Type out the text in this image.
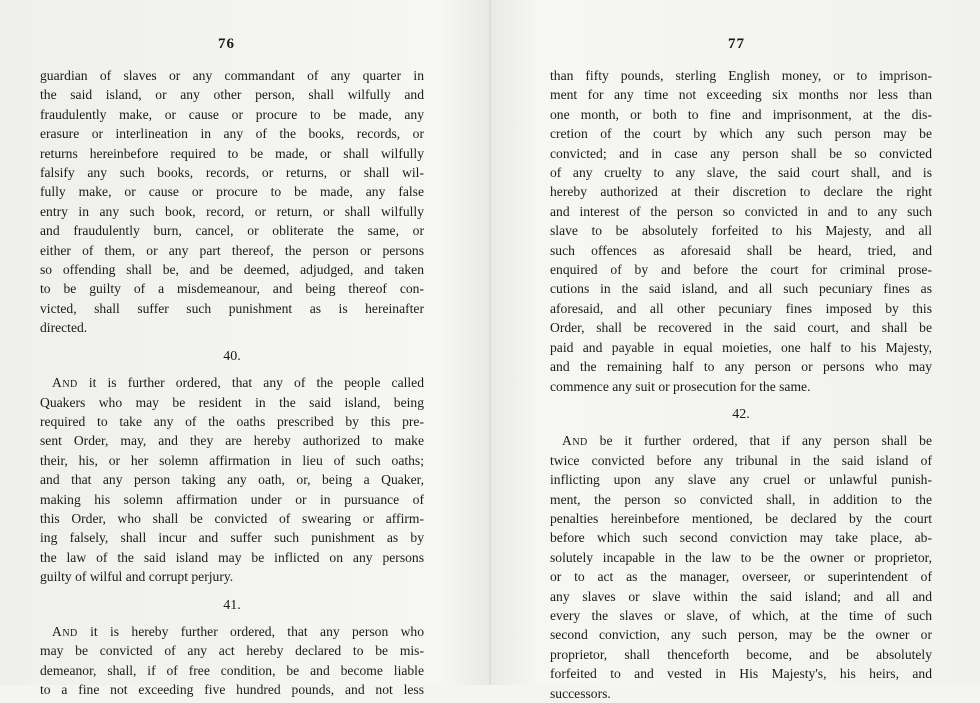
76
guardian of slaves or any commandant of any quarter in
the said island, or any other person, shall wilfully and
fraudulently make, or cause or procure to be made, any
erasure or interlineation in any of the books, records, or
returns hereinbefore required to be made, or shall wilfully
falsify any such books, records, or returns, or shall wil-
fully make, or cause or procure to be made, any false
entry in any such book, record, or return, or shall wilfully
and fraudulently burn, cancel, or obliterate the same, or
either of them, or any part thereof, the person or persons
so offending shall be, and be deemed, adjudged, and taken
to be guilty of a misdemeanour, and being thereof con-
victed, shall suffer such punishment as is hereinafter
directed.
40.
And it is further ordered, that any of the people called
Quakers who may be resident in the said island, being
required to take any of the oaths prescribed by this pre-
sent Order, may, and they are hereby authorized to make
their, his, or her solemn affirmation in lieu of such oaths;
and that any person taking any oath, or, being a Quaker,
making his solemn affirmation under or in pursuance of
this Order, who shall be convicted of swearing or affirm-
ing falsely, shall incur and suffer such punishment as by
the law of the said island may be inflicted on any persons
guilty of wilful and corrupt perjury.
41.
And it is hereby further ordered, that any person who
may be convicted of any act hereby declared to be mis-
demeanor, shall, if of free condition, be and become liable
to a fine not exceeding five hundred pounds, and not less
77
than fifty pounds, sterling English money, or to imprison-
ment for any time not exceeding six months nor less than
one month, or both to fine and imprisonment, at the dis-
cretion of the court by which any such person may be
convicted; and in case any person shall be so convicted
of any cruelty to any slave, the said court shall, and is
hereby authorized at their discretion to declare the right
and interest of the person so convicted in and to any such
slave to be absolutely forfeited to his Majesty, and all
such offences as aforesaid shall be heard, tried, and
enquired of by and before the court for criminal prose-
cutions in the said island, and all such pecuniary fines as
aforesaid, and all other pecuniary fines imposed by this
Order, shall be recovered in the said court, and shall be
paid and payable in equal moieties, one half to his Majesty,
and the remaining half to any person or persons who may
commence any suit or prosecution for the same.
42.
And be it further ordered, that if any person shall be
twice convicted before any tribunal in the said island of
inflicting upon any slave any cruel or unlawful punish-
ment, the person so convicted shall, in addition to the
penalties hereinbefore mentioned, be declared by the court
before which such second conviction may take place, ab-
solutely incapable in the law to be the owner or proprietor,
or to act as the manager, overseer, or superintendent of
any slaves or slave within the said island; and all and
every the slaves or slave, of which, at the time of such
second conviction, any such person, may be the owner or
proprietor, shall thenceforth become, and be absolutely
forfeited to and vested in His Majesty's, his heirs, and
successors.
